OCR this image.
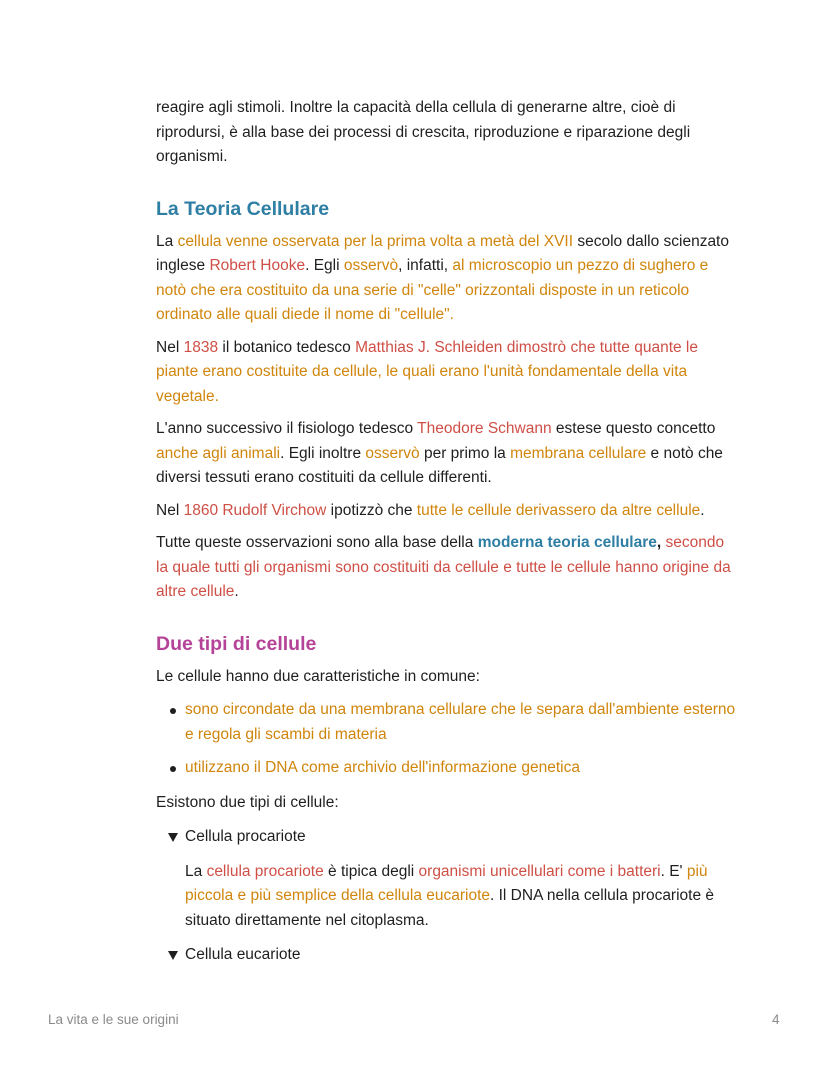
reagire agli stimoli. Inoltre la capacità della cellula di generarne altre, cioè di riprodursi, è alla base dei processi di crescita, riproduzione e riparazione degli organismi.

La Teoria Cellulare

La cellula venne osservata per la prima volta a metà del XVII secolo dallo scienzato inglese Robert Hooke. Egli osservò, infatti, al microscopio un pezzo di sughero e notò che era costituito da una serie di "celle" orizzontali disposte in un reticolo ordinato alle quali diede il nome di "cellule".

Nel 1838 il botanico tedesco Matthias J. Schleiden dimostrò che tutte quante le piante erano costituite da cellule, le quali erano l'unità fondamentale della vita vegetale.

L'anno successivo il fisiologo tedesco Theodore Schwann estese questo concetto anche agli animali. Egli inoltre osservò per primo la membrana cellulare e notò che diversi tessuti erano costituiti da cellule differenti.

Nel 1860 Rudolf Virchow ipotizzò che tutte le cellule derivassero da altre cellule.

Tutte queste osservazioni sono alla base della moderna teoria cellulare, secondo la quale tutti gli organismi sono costituiti da cellule e tutte le cellule hanno origine da altre cellule.

Due tipi di cellule

Le cellule hanno due caratteristiche in comune:

sono circondate da una membrana cellulare che le separa dall'ambiente esterno e regola gli scambi di materia
utilizzano il DNA come archivio dell'informazione genetica

Esistono due tipi di cellule:

Cellula procariote

La cellula procariote è tipica degli organismi unicellulari come i batteri. E' più piccola e più semplice della cellula eucariote. Il DNA nella cellula procariote è situato direttamente nel citoplasma.

Cellula eucariote
La vita e le sue origini	4
